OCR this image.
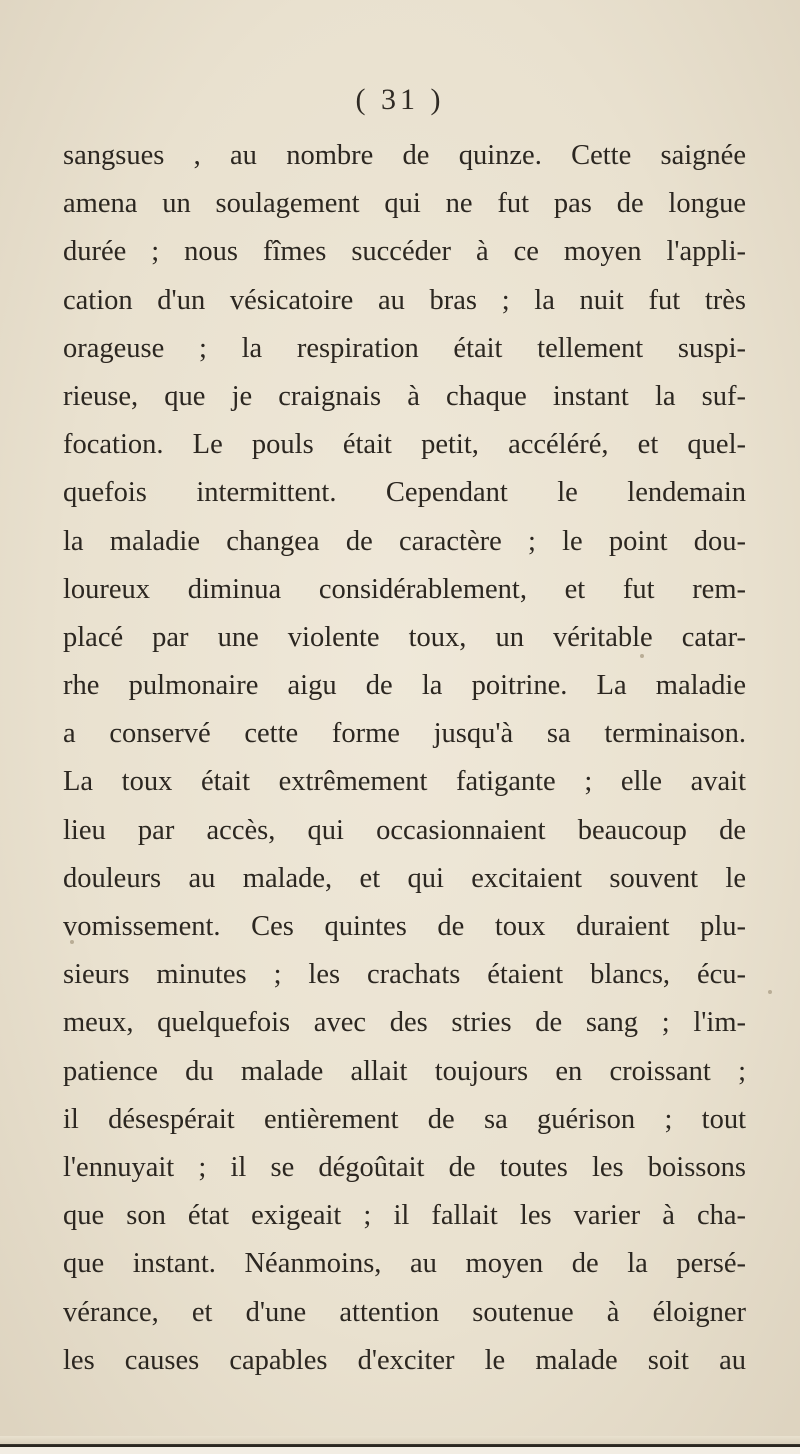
( 31 )
sangsues , au nombre de quinze. Cette saignée
amena un soulagement qui ne fut pas de longue
durée ; nous fîmes succéder à ce moyen l'appli-
cation d'un vésicatoire au bras ; la nuit fut très
orageuse ; la respiration était tellement suspi-
rieuse, que je craignais à chaque instant la suf-
focation. Le pouls était petit, accéléré, et quel-
quefois intermittent. Cependant le lendemain
la maladie changea de caractère ; le point dou-
loureux diminua considérablement, et fut rem-
placé par une violente toux, un véritable catar-
rhe pulmonaire aigu de la poitrine. La maladie
a conservé cette forme jusqu'à sa terminaison.
La toux était extrêmement fatigante ; elle avait
lieu par accès, qui occasionnaient beaucoup de
douleurs au malade, et qui excitaient souvent le
vomissement. Ces quintes de toux duraient plu-
sieurs minutes ; les crachats étaient blancs, écu-
meux, quelquefois avec des stries de sang ; l'im-
patience du malade allait toujours en croissant ;
il désespérait entièrement de sa guérison ; tout
l'ennuyait ; il se dégoûtait de toutes les boissons
que son état exigeait ; il fallait les varier à cha-
que instant. Néanmoins, au moyen de la persé-
vérance, et d'une attention soutenue à éloigner
les causes capables d'exciter le malade soit au
